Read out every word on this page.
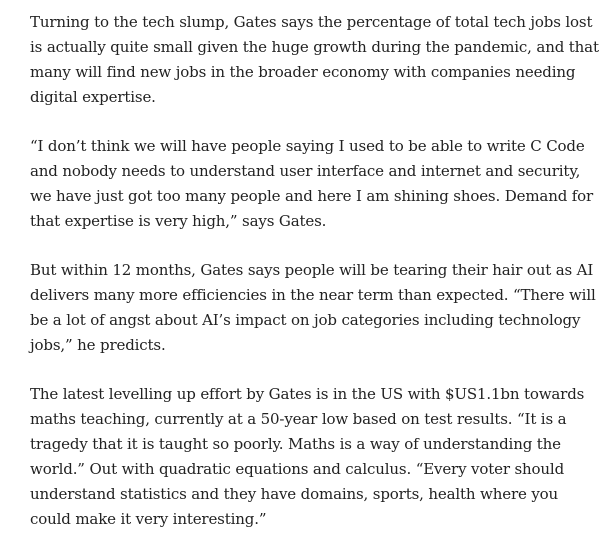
Turning to the tech slump, Gates says the percentage of total tech jobs lost is actually quite small given the huge growth during the pandemic, and that many will find new jobs in the broader economy with companies needing digital expertise.

“I don’t think we will have people saying I used to be able to write C Code and nobody needs to understand user interface and internet and security, we have just got too many people and here I am shining shoes. Demand for that expertise is very high,” says Gates.

But within 12 months, Gates says people will be tearing their hair out as AI delivers many more efficiencies in the near term than expected. “There will be a lot of angst about AI’s impact on job categories including technology jobs,” he predicts.

The latest levelling up effort by Gates is in the US with $US1.1bn towards maths teaching, currently at a 50-year low based on test results. “It is a tragedy that it is taught so poorly. Maths is a way of understanding the world.” Out with quadratic equations and calculus. “Every voter should understand statistics and they have domains, sports, health where you could make it very interesting.”
